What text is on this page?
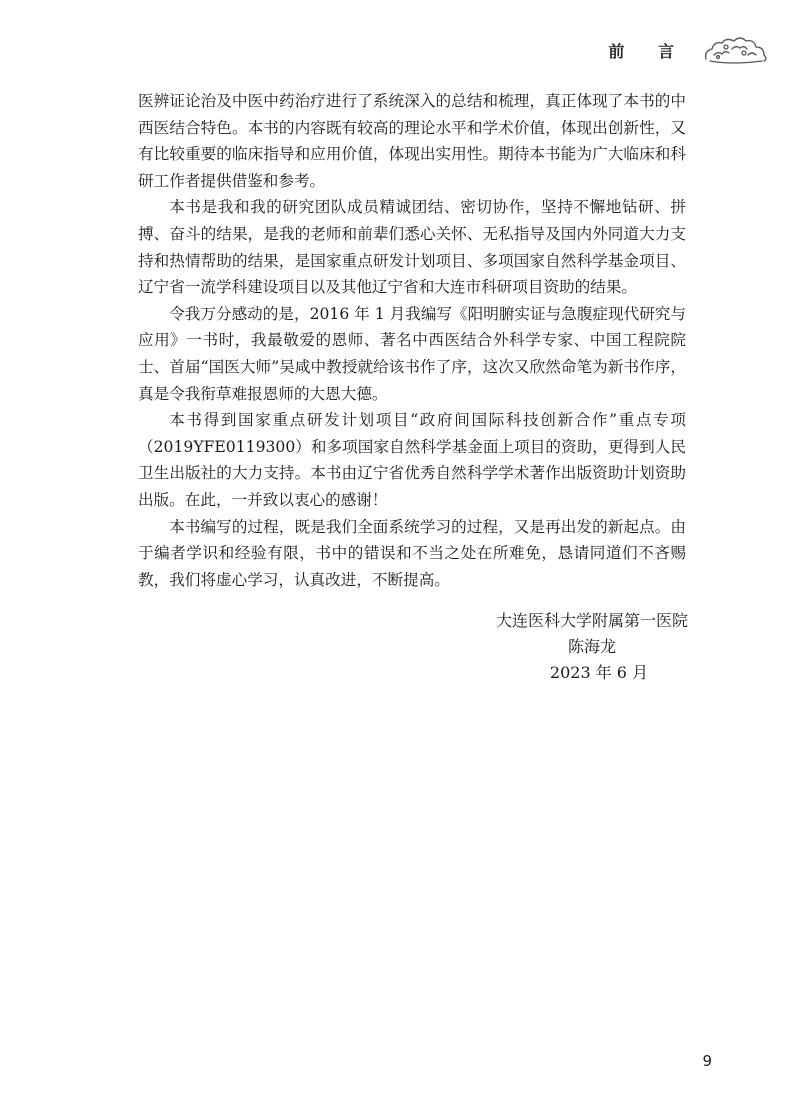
前 言

医辨证论治及中医中药治疗进行了系统深入的总结和梳理，真正体现了本书的中西医结合特色。本书的内容既有较高的理论水平和学术价值，体现出创新性，又有比较重要的临床指导和应用价值，体现出实用性。期待本书能为广大临床和科研工作者提供借鉴和参考。

本书是我和我的研究团队成员精诚团结、密切协作，坚持不懈地钻研、拼搏、奋斗的结果，是我的老师和前辈们悉心关怀、无私指导及国内外同道大力支持和热情帮助的结果，是国家重点研发计划项目、多项国家自然科学基金项目、辽宁省一流学科建设项目以及其他辽宁省和大连市科研项目资助的结果。

令我万分感动的是，2016 年 1 月我编写《阳明腑实证与急腹症现代研究与应用》一书时，我最敬爱的恩师、著名中西医结合外科学专家、中国工程院院士、首届“国医大师”吴咸中教授就给该书作了序，这次又欣然命笔为新书作序，真是令我衔草难报恩师的大恩大德。

本书得到国家重点研发计划项目“政府间国际科技创新合作”重点专项（2019YFE0119300）和多项国家自然科学基金面上项目的资助，更得到人民卫生出版社的大力支持。本书由辽宁省优秀自然科学学术著作出版资助计划资助出版。在此，一并致以衷心的感谢！

本书编写的过程，既是我们全面系统学习的过程，又是再出发的新起点。由于编者学识和经验有限，书中的错误和不当之处在所难免，恳请同道们不吝赐教，我们将虚心学习，认真改进，不断提高。

大连医科大学附属第一医院
陈海龙
2023 年 6 月
9
